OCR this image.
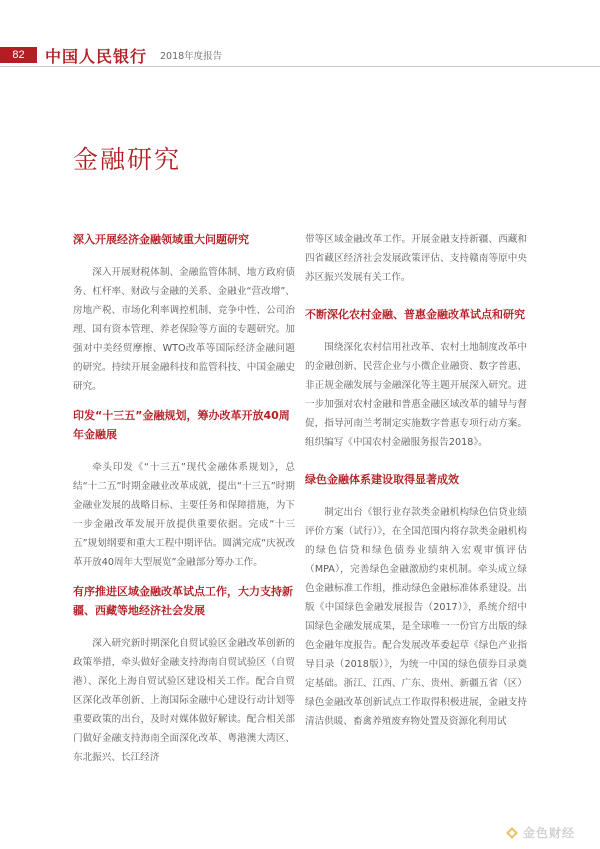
82	中国人民银行 2018年度报告
金融研究
深入开展经济金融领域重大问题研究

深入开展财税体制、金融监管体制、地方政府债务、杠杆率、财政与金融的关系、金融业“营改增”、房地产税、市场化利率调控机制、竞争中性、公司治理、国有资本管理、养老保险等方面的专题研究。加强对中美经贸摩擦、WTO改革等国际经济金融问题的研究。持续开展金融科技和监管科技、中国金融史研究。

印发“十三五”金融规划，筹办改革开放40周年金融展

牵头印发《“十三五”现代金融体系规划》，总结“十二五”时期金融业改革成就，提出“十三五”时期金融业发展的战略目标、主要任务和保障措施，为下一步金融改革发展开放提供重要依据。完成“十三五”规划纲要和重大工程中期评估。圆满完成“庆祝改革开放40周年大型展览”金融部分筹办工作。

有序推进区域金融改革试点工作，大力支持新疆、西藏等地经济社会发展

深入研究新时期深化自贸试验区金融改革创新的政策举措，牵头做好金融支持海南自贸试验区（自贸港）、深化上海自贸试验区建设相关工作。配合自贸区深化改革创新、上海国际金融中心建设行动计划等重要政策的出台，及时对媒体做好解读。配合相关部门做好金融支持海南全面深化改革、粤港澳大湾区、东北振兴、长江经济

带等区域金融改革工作。开展金融支持新疆、西藏和四省藏区经济社会发展政策评估、支持赣南等原中央苏区振兴发展有关工作。

不断深化农村金融、普惠金融改革试点和研究

围绕深化农村信用社改革、农村土地制度改革中的金融创新、民营企业与小微企业融资、数字普惠、非正规金融发展与金融深化等主题开展深入研究。进一步加强对农村金融和普惠金融区域改革的辅导与督促，指导河南兰考制定实施数字普惠专项行动方案。组织编写《中国农村金融服务报告2018》。

绿色金融体系建设取得显著成效

制定出台《银行业存款类金融机构绿色信贷业绩评价方案（试行）》，在全国范围内将存款类金融机构的绿色信贷和绿色债券业绩纳入宏观审慎评估（MPA），完善绿色金融激励约束机制。牵头成立绿色金融标准工作组，推动绿色金融标准体系建设。出版《中国绿色金融发展报告（2017）》，系统介绍中国绿色金融发展成果，是全球唯一一份官方出版的绿色金融年度报告。配合发展改革委起草《绿色产业指导目录（2018版）》，为统一中国的绿色债券目录奠定基础。浙江、江西、广东、贵州、新疆五省（区）绿色金融改革创新试点工作取得积极进展，金融支持清洁供暖、畜禽养殖废弃物处置及资源化利用试

金色财经
